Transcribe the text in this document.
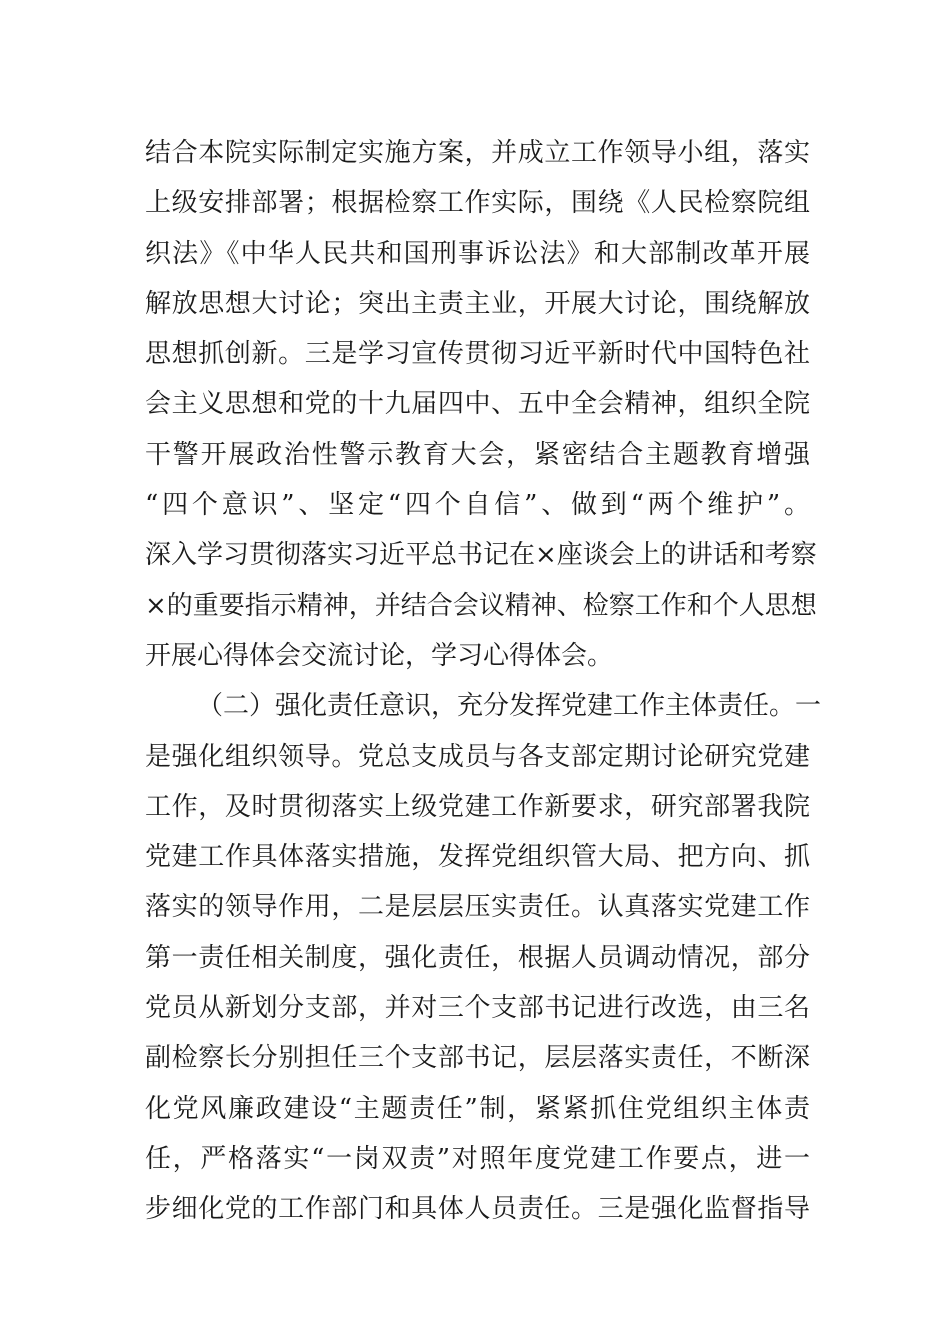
结合本院实际制定实施方案，并成立工作领导小组，落实
上级安排部署；根据检察工作实际，围绕《人民检察院组
织法》《中华人民共和国刑事诉讼法》和大部制改革开展
解放思想大讨论；突出主责主业，开展大讨论，围绕解放
思想抓创新。三是学习宣传贯彻习近平新时代中国特色社
会主义思想和党的十九届四中、五中全会精神，组织全院
干警开展政治性警示教育大会，紧密结合主题教育增强
“四个意识”、坚定“四个自信”、做到“两个维护”。
深入学习贯彻落实习近平总书记在×座谈会上的讲话和考察
×的重要指示精神，并结合会议精神、检察工作和个人思想
开展心得体会交流讨论，学习心得体会。
（二）强化责任意识，充分发挥党建工作主体责任。一
是强化组织领导。党总支成员与各支部定期讨论研究党建
工作，及时贯彻落实上级党建工作新要求，研究部署我院
党建工作具体落实措施，发挥党组织管大局、把方向、抓
落实的领导作用，二是层层压实责任。认真落实党建工作
第一责任相关制度，强化责任，根据人员调动情况，部分
党员从新划分支部，并对三个支部书记进行改选，由三名
副检察长分别担任三个支部书记，层层落实责任，不断深
化党风廉政建设“主题责任”制，紧紧抓住党组织主体责
任，严格落实“一岗双责”对照年度党建工作要点，进一
步细化党的工作部门和具体人员责任。三是强化监督指导
